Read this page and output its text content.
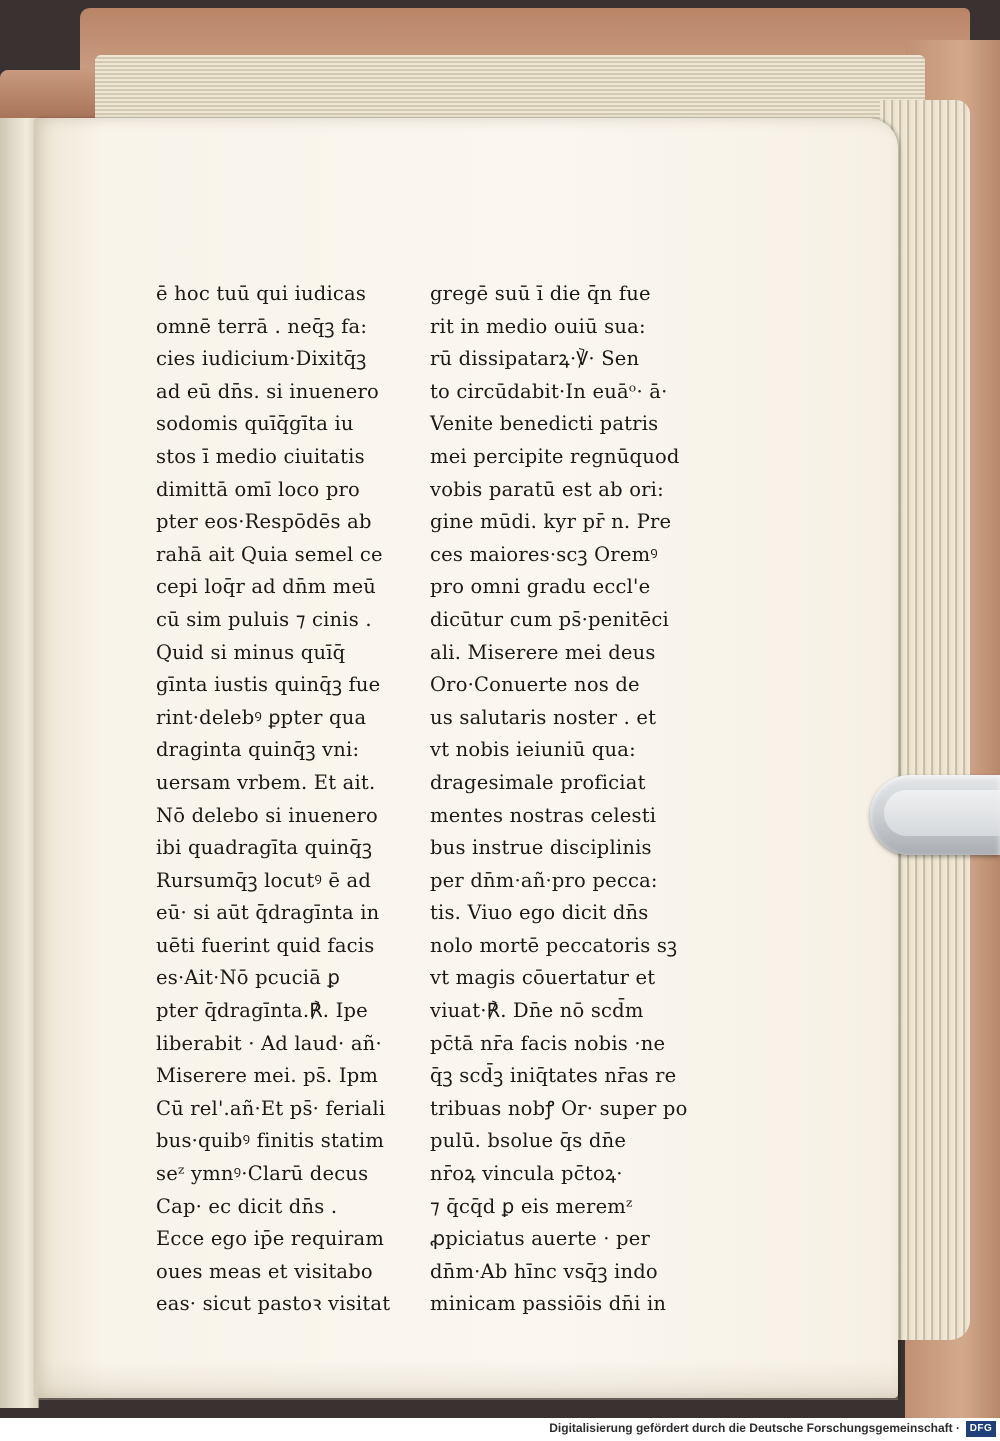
ē hoc tuū qui iudicas
omnē terrā . neq̄ꝫ fa:
cies iudicium·Dixitq̄ꝫ
ad eū dn̄s. si inuenero
sodomis quīq̄gīta iu
stos ī medio ciuitatis
dimittā omī loco pro
pter eos·Respōdēs ab
rahā ait Quia semel ce
cepi loq̄r ad dn̄m meū
cū sim puluis ⁊ cinis .
Quid si minus quīq̄
gīnta iustis quinq̄ꝫ fue
rint·delebꝰ ꝑpter qua
draginta quinq̄ꝫ vni:
uersam vrbem. Et ait.
Nō delebo si inuenero
ibi quadragīta quinq̄ꝫ
Rursumq̄ꝫ locutꝰ ē ad
eū· si aūt q̄dragīnta in
uēti fuerint quid facis
es·Ait·Nō pcuciā ꝑ
pter q̄dragīnta.℟. Ipe
liberabit · Ad laud· añ·
Miserere mei. ps̄. Ipm
Cū rel'.añ·Et ps̄· feriali
bus·quibꝰ finitis statim
seᶻ ymnꝰ·Clarū decus
Cap· ec dicit dn̄s .
Ecce ego ip̄e requiram
oues meas et visitabo
eas· sicut pastoꝛ visitat
gregē suū ī die q̄n fue
rit in medio ouiū sua:
rū dissipatarꝝ·℣· Sen
to circūdabit·In euāᵒ· ā·
Venite benedicti patris
mei percipite regnūquod
vobis paratū est ab ori:
gine mūdi. kyr pr̄ n. Pre
ces maiores·scꝫ Oremꝰ
pro omni gradu eccl'e
dicūtur cum ps̄·penitēci
ali. Miserere mei deus
Oro·Conuerte nos de
us salutaris noster . et
vt nobis ieiuniū qua:
dragesimale proficiat
mentes nostras celesti
bus instrue disciplinis
per dn̄m·añ·pro pecca:
tis. Viuo ego dicit dn̄s
nolo mortē peccatoris sꝫ
vt magis cōuertatur et
viuat·℟. Dn̄e nō scd̄m
pc̄tā nr̄a facis nobis ·ne
q̄ꝫ scd̄ꝫ iniq̄tates nr̄as re
tribuas nobꝭ Or· super po
pulū. bsolue q̄s dn̄e
nr̄oꝝ vincula pc̄toꝝ·
⁊ q̄cq̄d ꝑ eis meremᶻ
ꝓpiciatus auerte · per
dn̄m·Ab hīnc vsq̄ꝫ indo
minicam passiōis dn̄i in
Digitalisierung gefördert durch die Deutsche Forschungsgemeinschaft · DFG
